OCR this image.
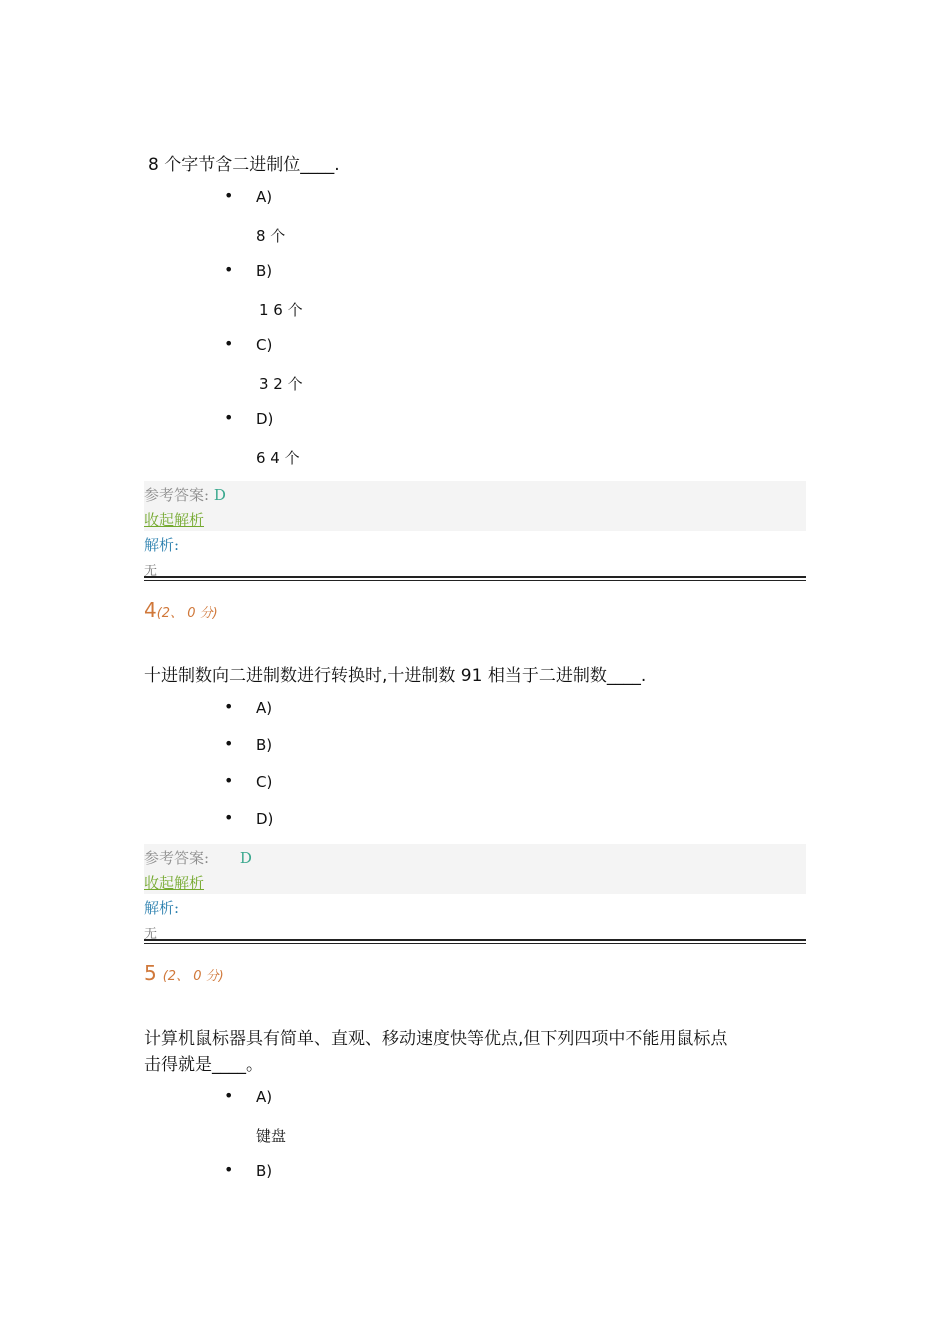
8 个字节含二进制位____.
• A)
8 个
• B)
1 6 个
• C)
3 2 个
• D)
6 4 个
参考答案: D
收起解析
解析:
无
4(2、 0 分)
十进制数向二进制数进行转换时,十进制数 91 相当于二进制数____.
• A)
• B)
• C)
• D)
参考答案: D
收起解析
解析:
无
5 (2、 0 分)
计算机鼠标器具有简单、直观、移动速度快等优点,但下列四项中不能用鼠标点
击得就是____。
• A)
键盘
• B)
